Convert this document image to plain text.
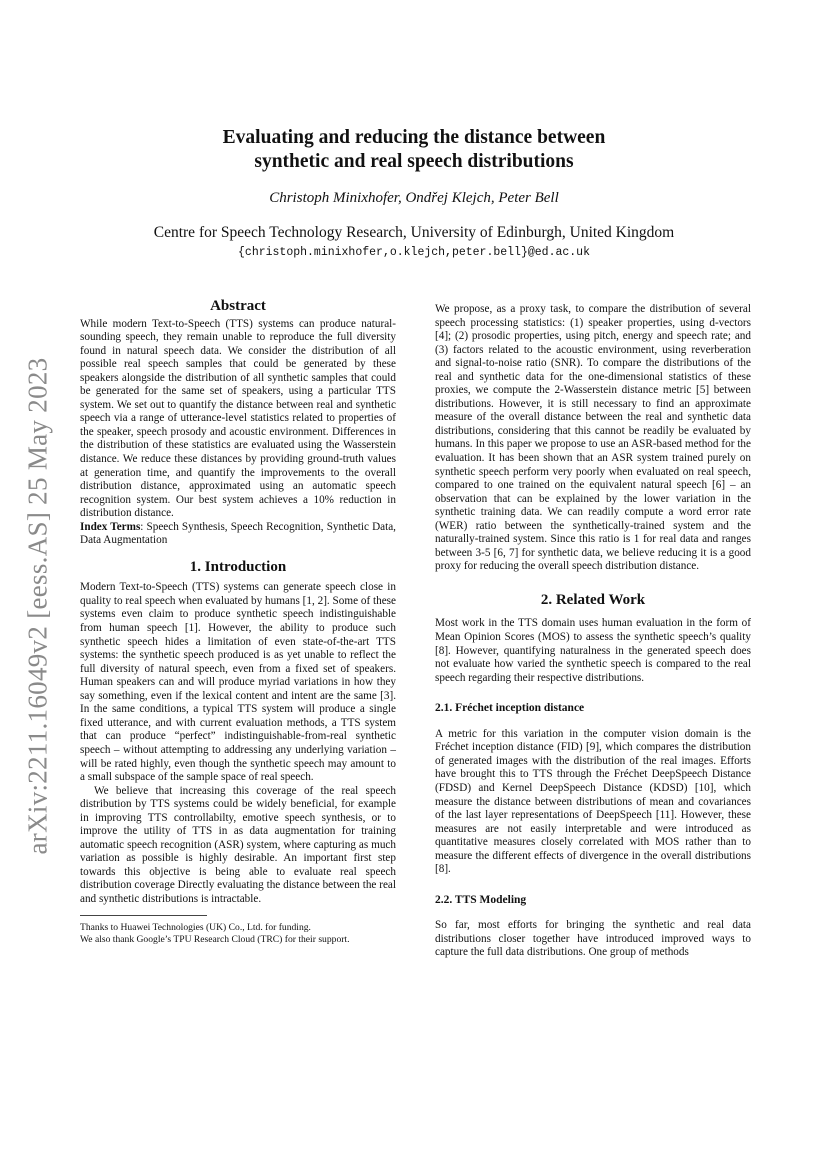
arXiv:2211.16049v2 [eess.AS] 25 May 2023
Evaluating and reducing the distance between
synthetic and real speech distributions
Christoph Minixhofer, Ondřej Klejch, Peter Bell
Centre for Speech Technology Research, University of Edinburgh, United Kingdom
{christoph.minixhofer,o.klejch,peter.bell}@ed.ac.uk
Abstract

While modern Text-to-Speech (TTS) systems can produce natural-sounding speech, they remain unable to reproduce the full diversity found in natural speech data. We consider the distribution of all possible real speech samples that could be generated by these speakers alongside the distribution of all synthetic samples that could be generated for the same set of speakers, using a particular TTS system. We set out to quantify the distance between real and synthetic speech via a range of utterance-level statistics related to properties of the speaker, speech prosody and acoustic environment. Differences in the distribution of these statistics are evaluated using the Wasserstein distance. We reduce these distances by providing ground-truth values at generation time, and quantify the improvements to the overall distribution distance, approximated using an automatic speech recognition system. Our best system achieves a 10% reduction in distribution distance.

Index Terms: Speech Synthesis, Speech Recognition, Synthetic Data, Data Augmentation

1. Introduction

Modern Text-to-Speech (TTS) systems can generate speech close in quality to real speech when evaluated by humans [1, 2]. Some of these systems even claim to produce synthetic speech indistinguishable from human speech [1]. However, the ability to produce such synthetic speech hides a limitation of even state-of-the-art TTS systems: the synthetic speech produced is as yet unable to reflect the full diversity of natural speech, even from a fixed set of speakers. Human speakers can and will produce myriad variations in how they say something, even if the lexical content and intent are the same [3]. In the same conditions, a typical TTS system will produce a single fixed utterance, and with current evaluation methods, a TTS system that can produce “perfect” indistinguishable-from-real synthetic speech – without attempting to addressing any underlying variation – will be rated highly, even though the synthetic speech may amount to a small subspace of the sample space of real speech.

We believe that increasing this coverage of the real speech distribution by TTS systems could be widely beneficial, for example in improving TTS controllabilty, emotive speech synthesis, or to improve the utility of TTS in as data augmentation for training automatic speech recognition (ASR) system, where capturing as much variation as possible is highly desirable. An important first step towards this objective is being able to evaluate real speech distribution coverage Directly evaluating the distance between the real and synthetic distributions is intractable.

Thanks to Huawei Technologies (UK) Co., Ltd. for funding.

We also thank Google’s TPU Research Cloud (TRC) for their support.

We propose, as a proxy task, to compare the distribution of several speech processing statistics: (1) speaker properties, using d-vectors [4]; (2) prosodic properties, using pitch, energy and speech rate; and (3) factors related to the acoustic environment, using reverberation and signal-to-noise ratio (SNR). To compare the distributions of the real and synthetic data for the one-dimensional statistics of these proxies, we compute the 2-Wasserstein distance metric [5] between distributions. However, it is still necessary to find an approximate measure of the overall distance between the real and synthetic data distributions, considering that this cannot be readily be evaluated by humans. In this paper we propose to use an ASR-based method for the evaluation. It has been shown that an ASR system trained purely on synthetic speech perform very poorly when evaluated on real speech, compared to one trained on the equivalent natural speech [6] – an observation that can be explained by the lower variation in the synthetic training data. We can readily compute a word error rate (WER) ratio between the synthetically-trained system and the naturally-trained system. Since this ratio is 1 for real data and ranges between 3-5 [6, 7] for synthetic data, we believe reducing it is a good proxy for reducing the overall speech distribution distance.

2. Related Work

Most work in the TTS domain uses human evaluation in the form of Mean Opinion Scores (MOS) to assess the synthetic speech’s quality [8]. However, quantifying naturalness in the generated speech does not evaluate how varied the synthetic speech is compared to the real speech regarding their respective distributions.

2.1. Fréchet inception distance

A metric for this variation in the computer vision domain is the Fréchet inception distance (FID) [9], which compares the distribution of generated images with the distribution of the real images. Efforts have brought this to TTS through the Fréchet DeepSpeech Distance (FDSD) and Kernel DeepSpeech Distance (KDSD) [10], which measure the distance between distributions of mean and covariances of the last layer representations of DeepSpeech [11]. However, these measures are not easily interpretable and were introduced as quantitative measures closely correlated with MOS rather than to measure the different effects of divergence in the overall distributions [8].

2.2. TTS Modeling

So far, most efforts for bringing the synthetic and real data distributions closer together have introduced improved ways to capture the full data distributions. One group of methods
